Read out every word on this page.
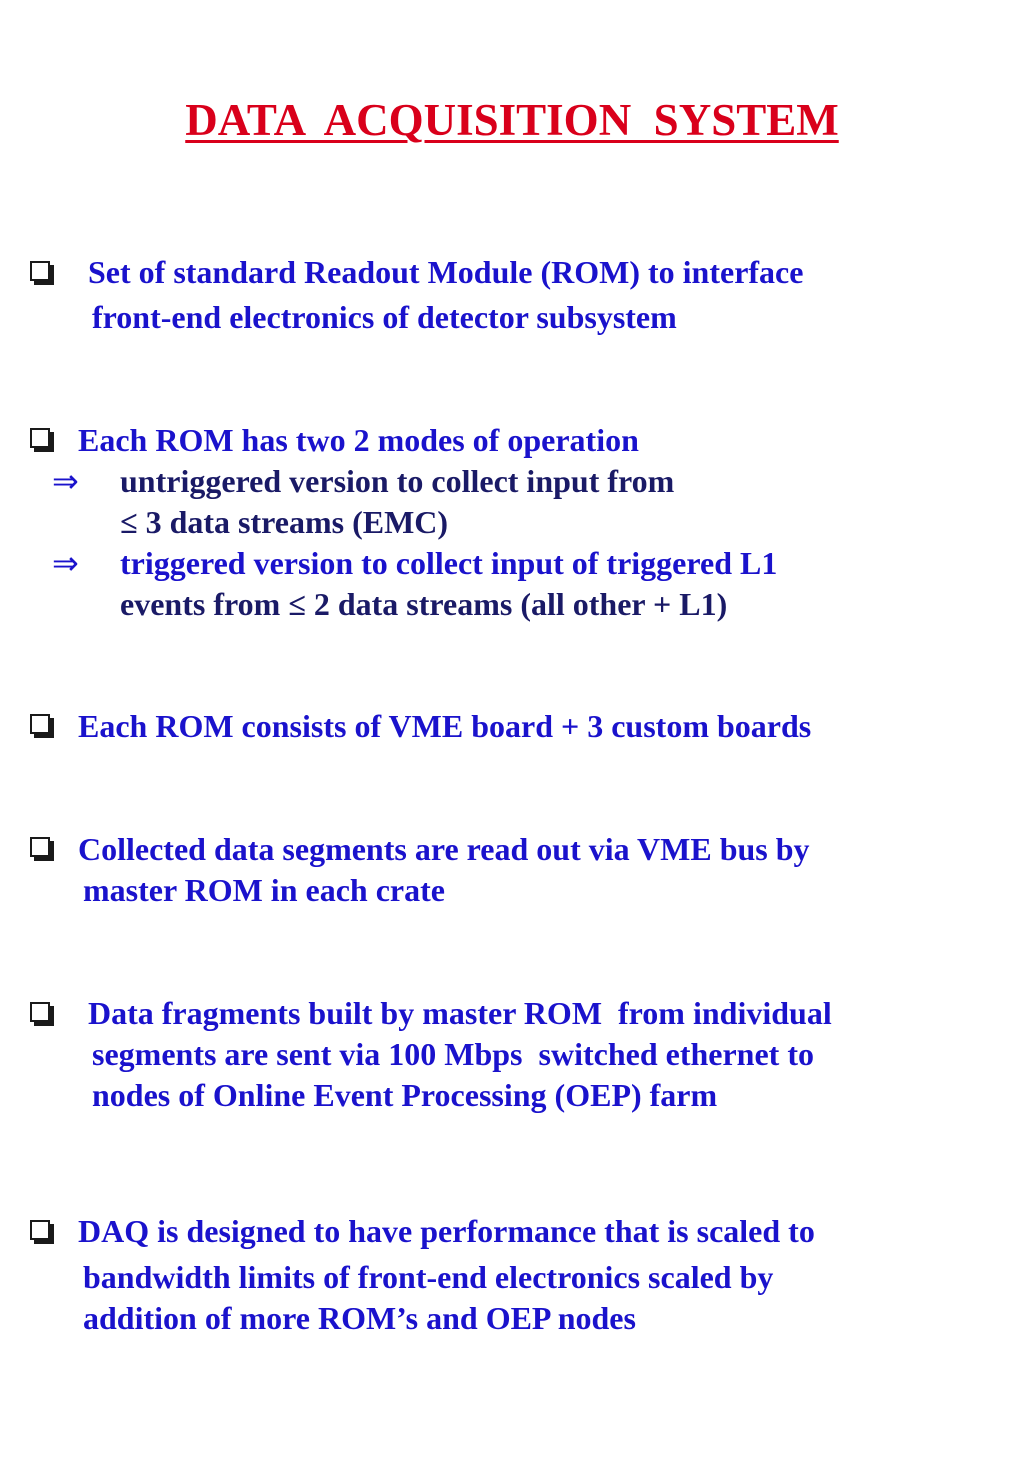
DATA  ACQUISITION  SYSTEM
Set of standard Readout Module (ROM) to interface
front-end electronics of detector subsystem
Each ROM has two 2 modes of operation
⇒ untriggered version to collect input from
≤ 3 data streams (EMC)
⇒ triggered version to collect input of triggered L1
events from ≤ 2 data streams (all other + L1)
Each ROM consists of VME board + 3 custom boards
Collected data segments are read out via VME bus by
master ROM in each crate
Data fragments built by master ROM  from individual
segments are sent via 100 Mbps  switched ethernet to
nodes of Online Event Processing (OEP) farm
DAQ is designed to have performance that is scaled to
bandwidth limits of front-end electronics scaled by
addition of more ROM’s and OEP nodes
